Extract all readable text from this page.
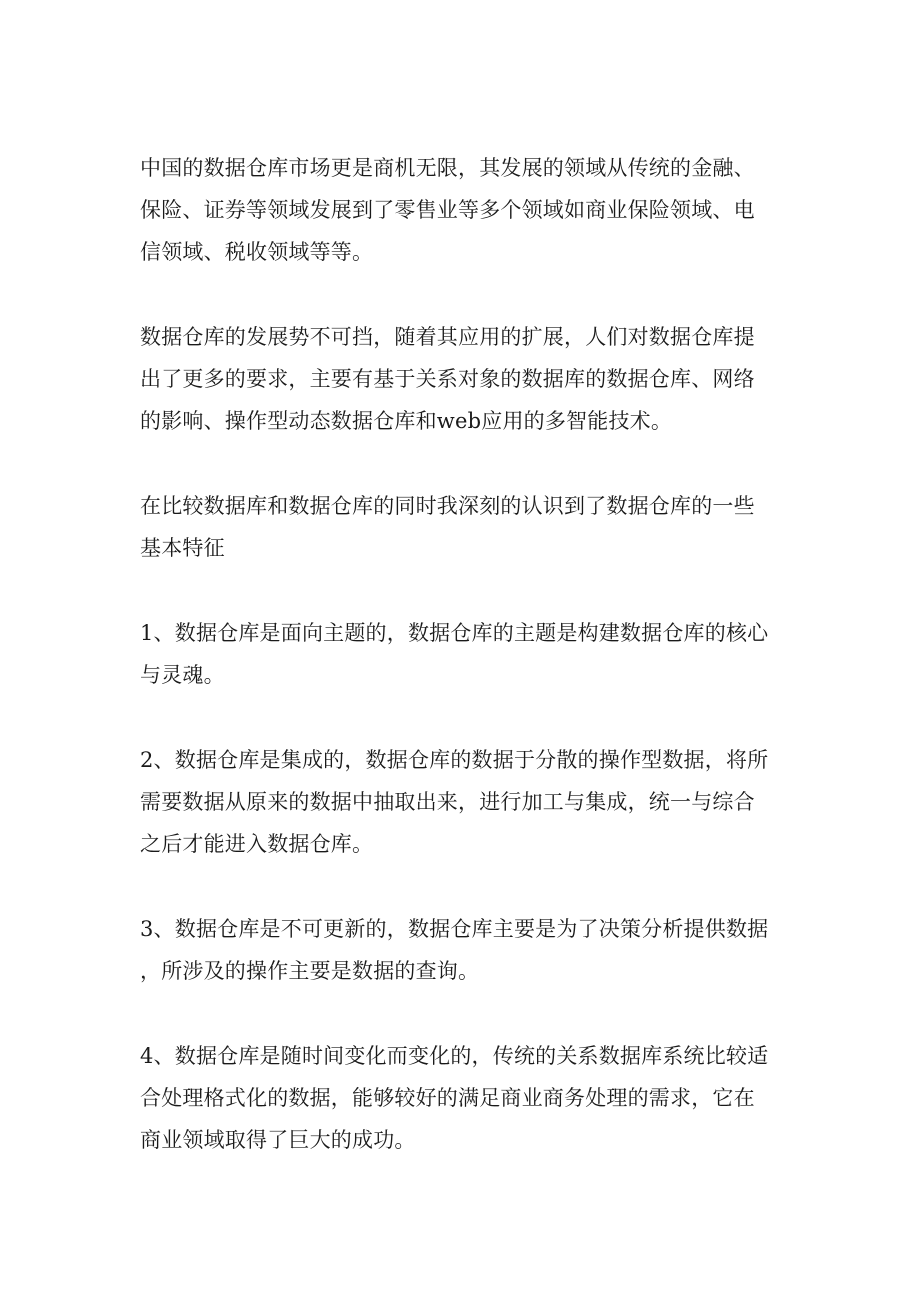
中国的数据仓库市场更是商机无限，其发展的领域从传统的金融、
保险、证券等领域发展到了零售业等多个领域如商业保险领域、电
信领域、税收领域等等。

数据仓库的发展势不可挡，随着其应用的扩展，人们对数据仓库提
出了更多的要求，主要有基于关系对象的数据库的数据仓库、网络
的影响、操作型动态数据仓库和web应用的多智能技术。

在比较数据库和数据仓库的同时我深刻的认识到了数据仓库的一些
基本特征

1、数据仓库是面向主题的，数据仓库的主题是构建数据仓库的核心
与灵魂。

2、数据仓库是集成的，数据仓库的数据于分散的操作型数据，将所
需要数据从原来的数据中抽取出来，进行加工与集成，统一与综合
之后才能进入数据仓库。

3、数据仓库是不可更新的，数据仓库主要是为了决策分析提供数据
，所涉及的操作主要是数据的查询。

4、数据仓库是随时间变化而变化的，传统的关系数据库系统比较适
合处理格式化的数据，能够较好的满足商业商务处理的需求，它在
商业领域取得了巨大的成功。
